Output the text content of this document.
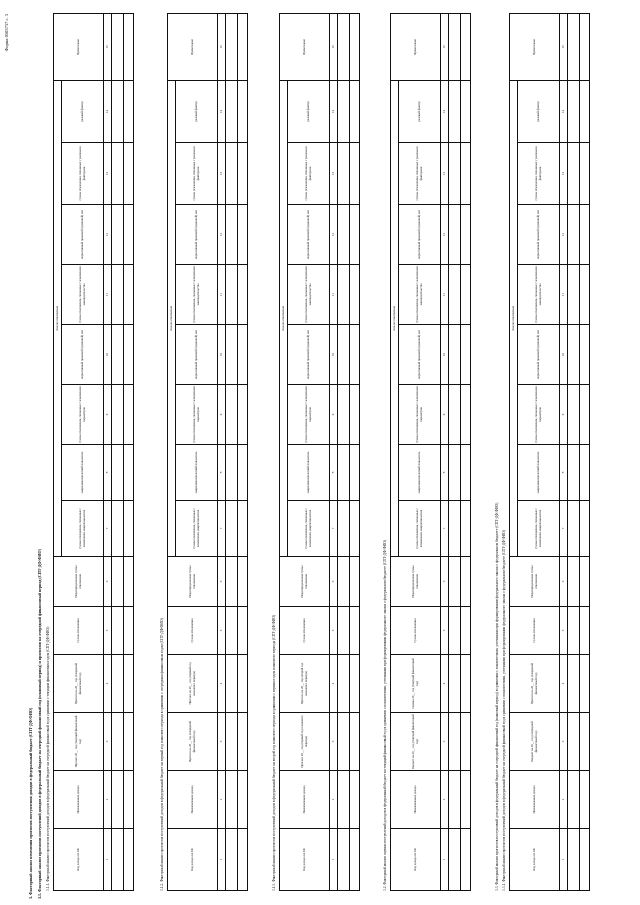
Форма 0503737 с. 3
3. Факторный анализ изменения прогнозов поступления доходов в федеральный бюджет (СПТ-ДФ/ФИО) 3.1. Факторный анализ прогнозов поступлений доходов в федеральный бюджет на очередной финансовый год (плановый период) и прогнозов на очередной финансовый период (СПТ-ДФ/ФИО) 3.1.1. Факторный анализ прогнозов поступлений доходов в федеральный бюджет на очередной финансовый год в сравнении с текущим финансовым годом (СПТ-ДФ/ФИО)	Код дохода по БК	Наименование дохода	Прогноз 20__ год (текущий финансовый год)	Прогноз на 20__ год (очередной финансовый год)	Сумма отклонения	Нераспределенная сумма отклонения	Анализ отклонения								Примечание
						суммы отклонения, связанные с изменением макропоказателя	макроэкономический показатель	суммы отклонения, связанные с изменением параметров	нормативный правовой (правовой) акт	суммы отклонения, связанные с изменением законодательства	нормативный правовой (правовой) акт	суммы отклонения, связанные с разовыми факторами	разовый фактор	
1	2	3	4	5	6	7	8	9	10	11	12	13	14	15

3.1.2. Факторный анализ прогнозов поступлений доходов в федеральный бюджет на первый год планового периода в сравнении с очередным финансовым годом (СПТ-ДФ/ФИО)	Код дохода по БК	Наименование дохода	Прогноз на 20__ год (очередной финансовый год)	Прогноз на 20__ год (первый год планового периода)	Сумма отклонения	Нераспределенная сумма отклонения	Анализ отклонения								Примечание
						суммы отклонения, связанные с изменением макропоказателя	макроэкономический показатель	суммы отклонения, связанные с изменением параметров	нормативный правовой (правовой) акт	суммы отклонения, связанные с изменением законодательства	нормативный правовой (правовой) акт	суммы отклонения, связанные с разовыми факторами	разовый фактор	
1	2	3	4	5	6	7	8	9	10	11	12	13	14	15

3.1.3. Факторный анализ прогнозов поступлений доходов в федеральный бюджет на второй год планового периода в сравнении с первым годом планового периода (СПТ-ДФ/ФИО)	Код дохода по БК	Наименование дохода	Прогноз 20__ год (первый год планового периода)	Прогноз на 20__ год (второй год планового периода)	Сумма отклонения	Нераспределенная сумма отклонения	Анализ отклонения								Примечание
						суммы отклонения, связанные с изменением макропоказателя	макроэкономический показатель	суммы отклонения, связанные с изменением параметров	нормативный правовой (правовой) акт	суммы отклонения, связанные с изменением законодательства	нормативный правовой (правовой) акт	суммы отклонения, связанные с разовыми факторами	разовый фактор	
1	2	3	4	5	6	7	8	9	10	11	12	13	14	15

3.2. Факторный анализ оценки поступлений доходов в федеральный бюджет на текущий финансовый год в сравнении с показателями, учтенными при формировании федерального закона о федеральном бюджете (СПТ-ДФ/ФИО)	Код дохода по БК	Наименование дохода	Бюджет на 20__ год (текущий финансовый год)	Оценка 20__ год (текущий финансовый год)	Сумма отклонения	Нераспределенная сумма отклонения	Анализ отклонения								Примечание
						суммы отклонения, связанные с изменением макропоказателя	макроэкономический показатель	суммы отклонения, связанные с изменением параметров	нормативный правовой (правовой) акт	суммы отклонения, связанные с изменением законодательства	нормативный правовой (правовой) акт	суммы отклонения, связанные с разовыми факторами	разовый фактор	
1	2	3	4	5	6	7	8	9	10	11	12	13	14	15

3.3. Факторный анализ прогнозов поступлений доходов в федеральный бюджет на очередной финансовый год (плановый период) в сравнении с показателями, учтенными при формировании федерального закона о федеральном бюджете (СПТ-ДФ/ФИО) 3.3.1. Факторный анализ прогнозов поступлений доходов в федеральный бюджет на очередной финансовый год в сравнении с показателями, учтенными при формировании федерального закона о федеральном бюджете (СПТ-ДФ/ФИО)	Код дохода по БК	Наименование дохода	Бюджет на 20__ год (очередной финансовый год)	Прогноз на 20__ год (очередной финансовый год)	Сумма отклонения	Нераспределенная сумма отклонения	Анализ отклонения								Примечание
						суммы отклонения, связанные с изменением макропоказателя	макроэкономический показатель	суммы отклонения, связанные с изменением параметров	нормативный правовой (правовой) акт	суммы отклонения, связанные с изменением законодательства	нормативный правовой (правовой) акт	суммы отклонения, связанные с разовыми факторами	разовый фактор	
1	2	3	4	5	6	7	8	9	10	11	12	13	14	15
